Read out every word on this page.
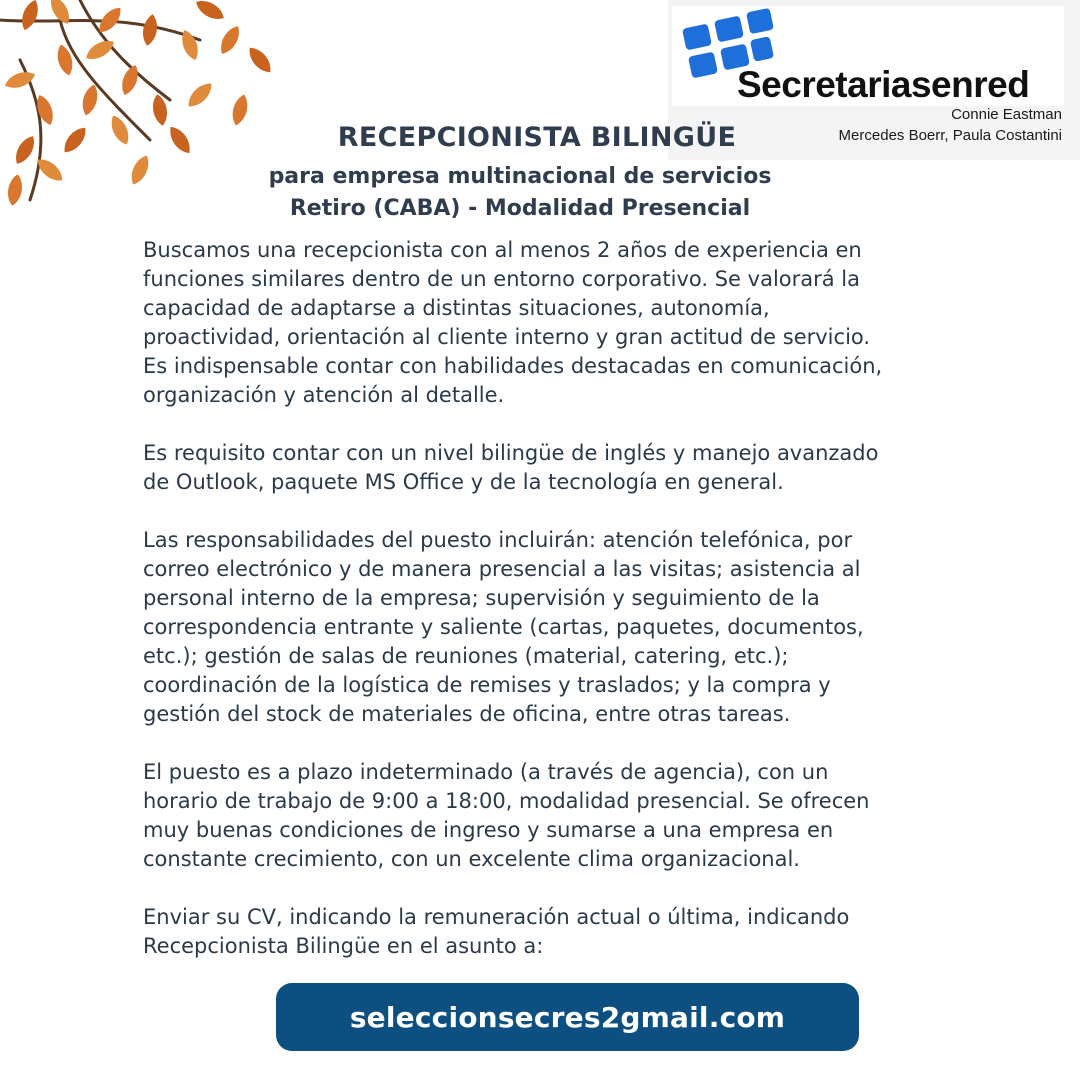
Secretariasenred
Connie Eastman
Mercedes Boerr, Paula Costantini
RECEPCIONISTA BILINGÜE
para empresa multinacional de servicios
Retiro (CABA) - Modalidad Presencial

Buscamos una recepcionista con al menos 2 años de experiencia en
funciones similares dentro de un entorno corporativo. Se valorará la
capacidad de adaptarse a distintas situaciones, autonomía,
proactividad, orientación al cliente interno y gran actitud de servicio.
Es indispensable contar con habilidades destacadas en comunicación,
organización y atención al detalle.

Es requisito contar con un nivel bilingüe de inglés y manejo avanzado
de Outlook, paquete MS Office y de la tecnología en general.

Las responsabilidades del puesto incluirán: atención telefónica, por
correo electrónico y de manera presencial a las visitas; asistencia al
personal interno de la empresa; supervisión y seguimiento de la
correspondencia entrante y saliente (cartas, paquetes, documentos,
etc.); gestión de salas de reuniones (material, catering, etc.);
coordinación de la logística de remises y traslados; y la compra y
gestión del stock de materiales de oficina, entre otras tareas.

El puesto es a plazo indeterminado (a través de agencia), con un
horario de trabajo de 9:00 a 18:00, modalidad presencial. Se ofrecen
muy buenas condiciones de ingreso y sumarse a una empresa en
constante crecimiento, con un excelente clima organizacional.

Enviar su CV, indicando la remuneración actual o última, indicando
Recepcionista Bilingüe en el asunto a:

seleccionsecres2gmail.com
